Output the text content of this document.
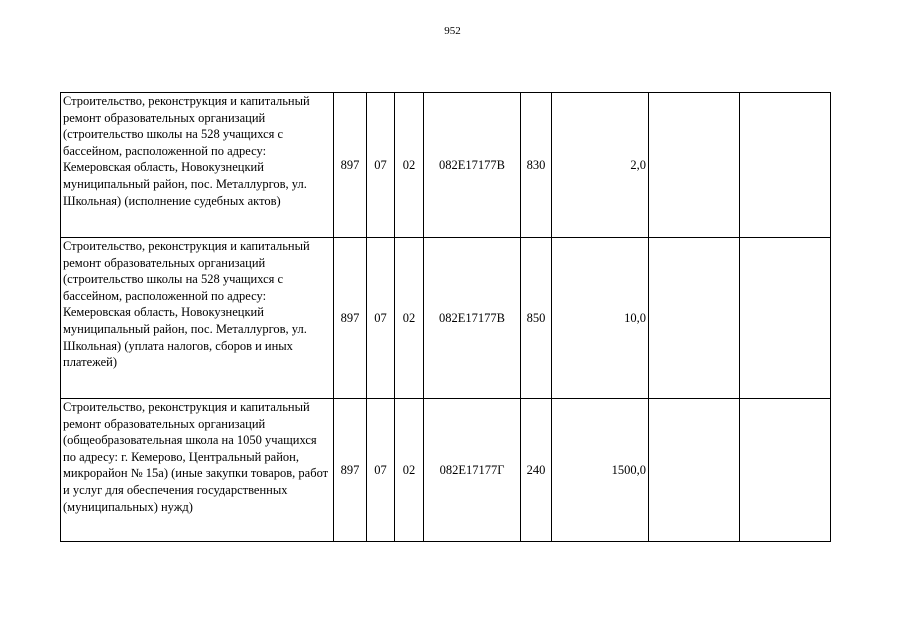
952
Строительство, реконструкция и капитальный ремонт образовательных организаций (строительство школы на 528 учащихся с бассейном, расположенной по адресу: Кемеровская область, Новокузнецкий муниципальный район, пос. Металлургов, ул. Школьная) (исполнение судебных актов)	897	07	02	082E17177В	830	2,0		
Строительство, реконструкция и капитальный ремонт образовательных организаций (строительство школы на 528 учащихся с бассейном, расположенной по адресу: Кемеровская область, Новокузнецкий муниципальный район, пос. Металлургов, ул. Школьная) (уплата налогов, сборов и иных платежей)	897	07	02	082E17177В	850	10,0		
Строительство, реконструкция и капитальный ремонт образовательных организаций (общеобразовательная школа на 1050 учащихся по адресу: г. Кемерово, Центральный район, микрорайон № 15а) (иные закупки товаров, работ и услуг для обеспечения государственных (муниципальных) нужд)	897	07	02	082Е17177Г	240	1500,0		
